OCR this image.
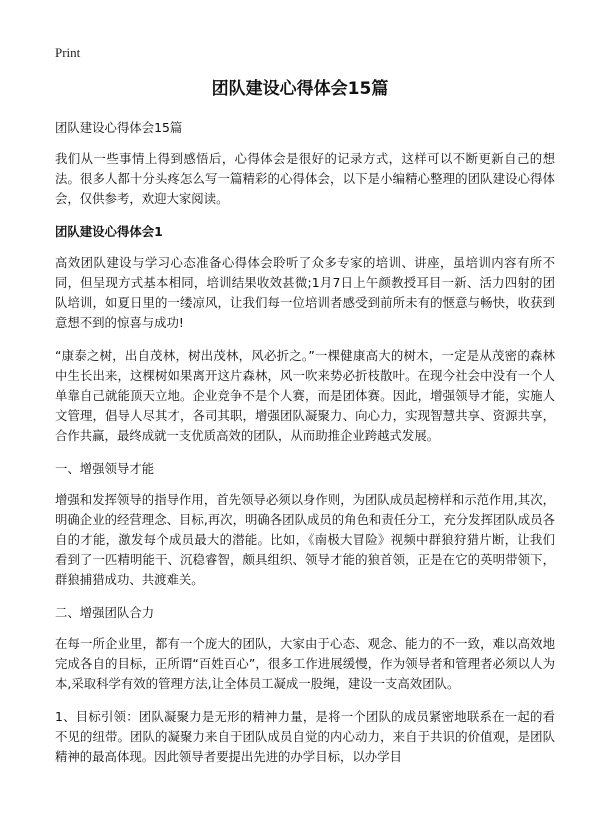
Print
团队建设心得体会15篇

团队建设心得体会15篇

我们从一些事情上得到感悟后，心得体会是很好的记录方式，这样可以不断更新自己的想法。很多人都十分头疼怎么写一篇精彩的心得体会，以下是小编精心整理的团队建设心得体会，仅供参考，欢迎大家阅读。

团队建设心得体会1

高效团队建设与学习心态准备心得体会聆听了众多专家的培训、讲座，虽培训内容有所不同，但呈现方式基本相同，培训结果收效甚微;1月7日上午颜教授耳目一新、活力四射的团队培训，如夏日里的一缕凉风，让我们每一位培训者感受到前所未有的惬意与畅快，收获到意想不到的惊喜与成功!

“康泰之树，出自茂林，树出茂林，风必折之。”一棵健康高大的树木，一定是从茂密的森林中生长出来，这棵树如果离开这片森林，风一吹来势必折枝散叶。在现今社会中没有一个人单靠自己就能顶天立地。企业竞争不是个人赛，而是团体赛。因此，增强领导才能，实施人文管理，倡导人尽其才，各司其职，增强团队凝聚力、向心力，实现智慧共享、资源共享，合作共赢，最终成就一支优质高效的团队，从而助推企业跨越式发展。

一、增强领导才能

增强和发挥领导的指导作用，首先领导必须以身作则，为团队成员起榜样和示范作用,其次，明确企业的经营理念、目标,再次，明确各团队成员的角色和责任分工，充分发挥团队成员各自的才能，激发每个成员最大的潜能。比如，《南极大冒险》视频中群狼狩猎片断，让我们看到了一匹精明能干、沉稳睿智，颇具组织、领导才能的狼首领，正是在它的英明带领下，群狼捕猎成功、共渡难关。

二、增强团队合力

在每一所企业里，都有一个庞大的团队，大家由于心态、观念、能力的不一致，难以高效地完成各自的目标，正所谓“百姓百心”，很多工作进展缓慢，作为领导者和管理者必须以人为本,采取科学有效的管理方法,让全体员工凝成一股绳，建设一支高效团队。

1、目标引领：团队凝聚力是无形的精神力量，是将一个团队的成员紧密地联系在一起的看不见的纽带。团队的凝聚力来自于团队成员自觉的内心动力，来自于共识的价值观，是团队精神的最高体现。因此领导者要提出先进的办学目标，以办学目
